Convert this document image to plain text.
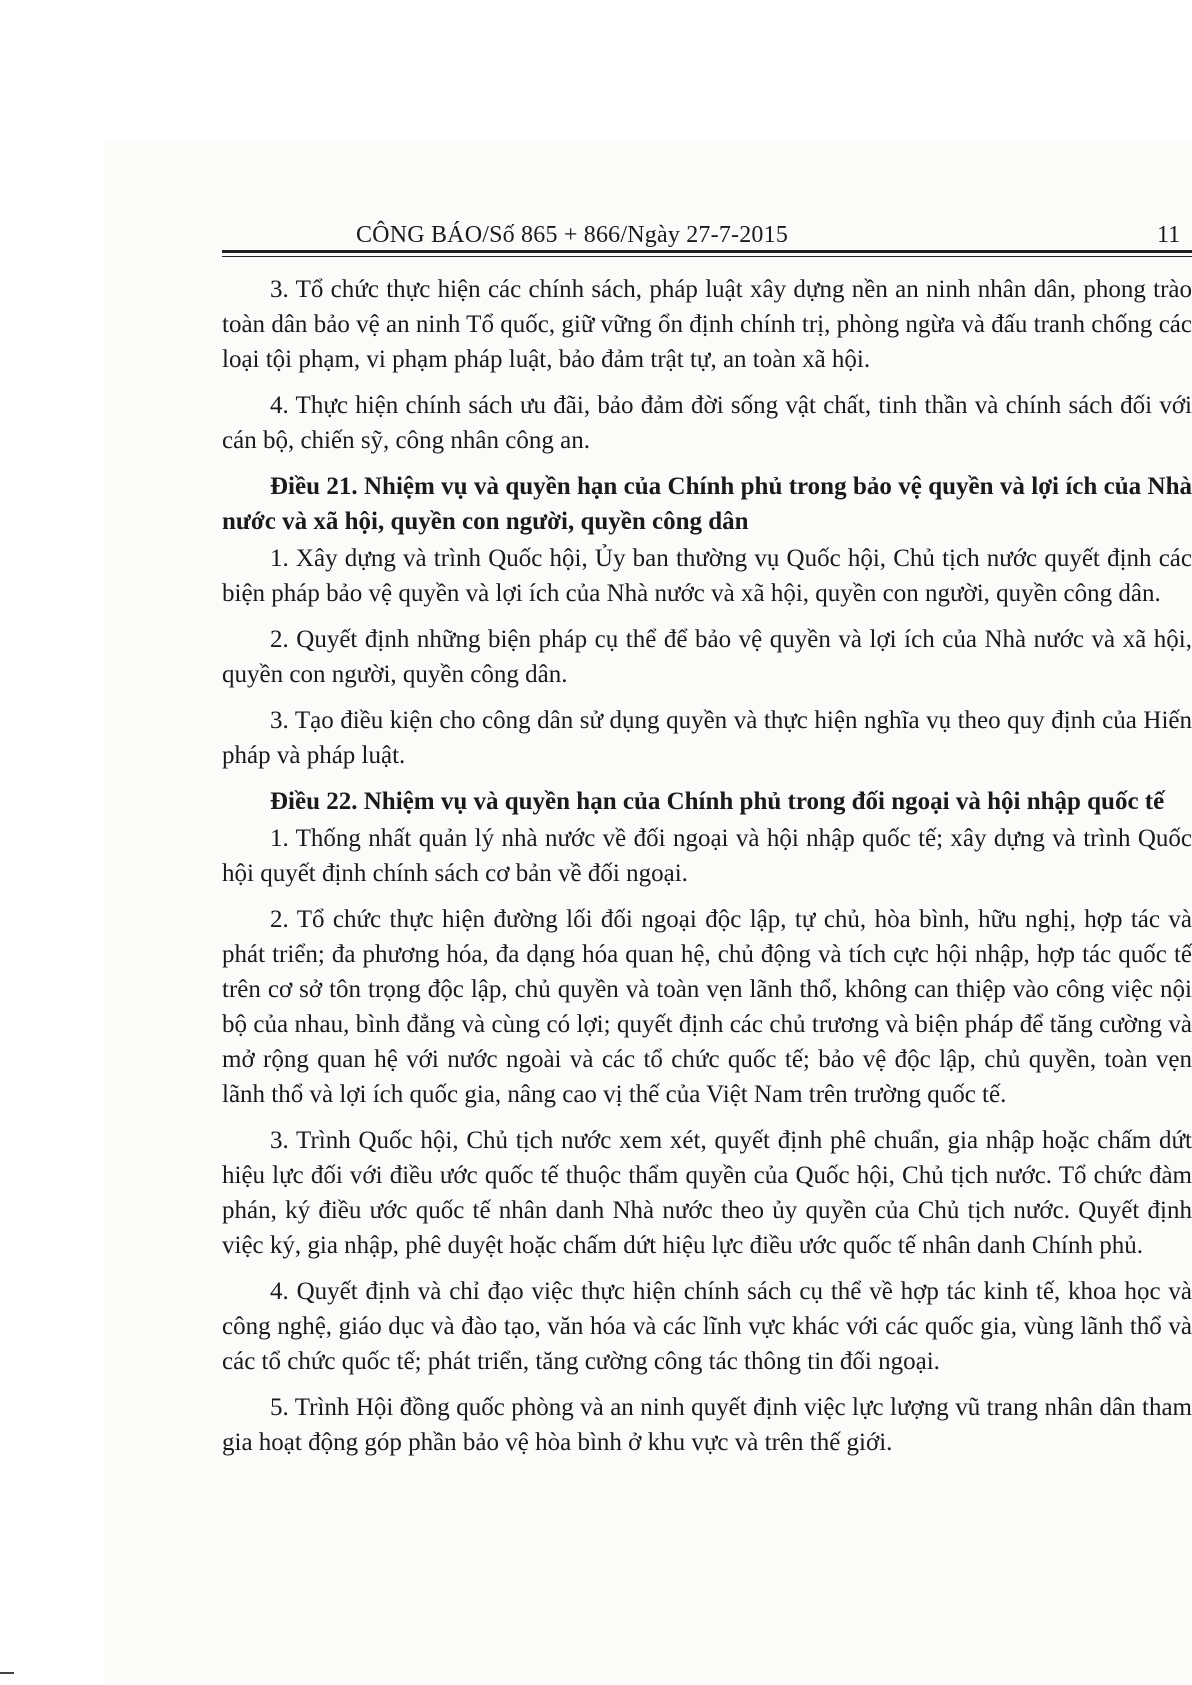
CÔNG BÁO/Số 865 + 866/Ngày 27-7-2015	11

3. Tổ chức thực hiện các chính sách, pháp luật xây dựng nền an ninh nhân dân, phong trào toàn dân bảo vệ an ninh Tổ quốc, giữ vững ổn định chính trị, phòng ngừa và đấu tranh chống các loại tội phạm, vi phạm pháp luật, bảo đảm trật tự, an toàn xã hội.

4. Thực hiện chính sách ưu đãi, bảo đảm đời sống vật chất, tinh thần và chính sách đối với cán bộ, chiến sỹ, công nhân công an.

Điều 21. Nhiệm vụ và quyền hạn của Chính phủ trong bảo vệ quyền và lợi ích của Nhà nước và xã hội, quyền con người, quyền công dân

1. Xây dựng và trình Quốc hội, Ủy ban thường vụ Quốc hội, Chủ tịch nước quyết định các biện pháp bảo vệ quyền và lợi ích của Nhà nước và xã hội, quyền con người, quyền công dân.

2. Quyết định những biện pháp cụ thể để bảo vệ quyền và lợi ích của Nhà nước và xã hội, quyền con người, quyền công dân.

3. Tạo điều kiện cho công dân sử dụng quyền và thực hiện nghĩa vụ theo quy định của Hiến pháp và pháp luật.

Điều 22. Nhiệm vụ và quyền hạn của Chính phủ trong đối ngoại và hội nhập quốc tế

1. Thống nhất quản lý nhà nước về đối ngoại và hội nhập quốc tế; xây dựng và trình Quốc hội quyết định chính sách cơ bản về đối ngoại.

2. Tổ chức thực hiện đường lối đối ngoại độc lập, tự chủ, hòa bình, hữu nghị, hợp tác và phát triển; đa phương hóa, đa dạng hóa quan hệ, chủ động và tích cực hội nhập, hợp tác quốc tế trên cơ sở tôn trọng độc lập, chủ quyền và toàn vẹn lãnh thổ, không can thiệp vào công việc nội bộ của nhau, bình đẳng và cùng có lợi; quyết định các chủ trương và biện pháp để tăng cường và mở rộng quan hệ với nước ngoài và các tổ chức quốc tế; bảo vệ độc lập, chủ quyền, toàn vẹn lãnh thổ và lợi ích quốc gia, nâng cao vị thế của Việt Nam trên trường quốc tế.

3. Trình Quốc hội, Chủ tịch nước xem xét, quyết định phê chuẩn, gia nhập hoặc chấm dứt hiệu lực đối với điều ước quốc tế thuộc thẩm quyền của Quốc hội, Chủ tịch nước. Tổ chức đàm phán, ký điều ước quốc tế nhân danh Nhà nước theo ủy quyền của Chủ tịch nước. Quyết định việc ký, gia nhập, phê duyệt hoặc chấm dứt hiệu lực điều ước quốc tế nhân danh Chính phủ.

4. Quyết định và chỉ đạo việc thực hiện chính sách cụ thể về hợp tác kinh tế, khoa học và công nghệ, giáo dục và đào tạo, văn hóa và các lĩnh vực khác với các quốc gia, vùng lãnh thổ và các tổ chức quốc tế; phát triển, tăng cường công tác thông tin đối ngoại.

5. Trình Hội đồng quốc phòng và an ninh quyết định việc lực lượng vũ trang nhân dân tham gia hoạt động góp phần bảo vệ hòa bình ở khu vực và trên thế giới.
